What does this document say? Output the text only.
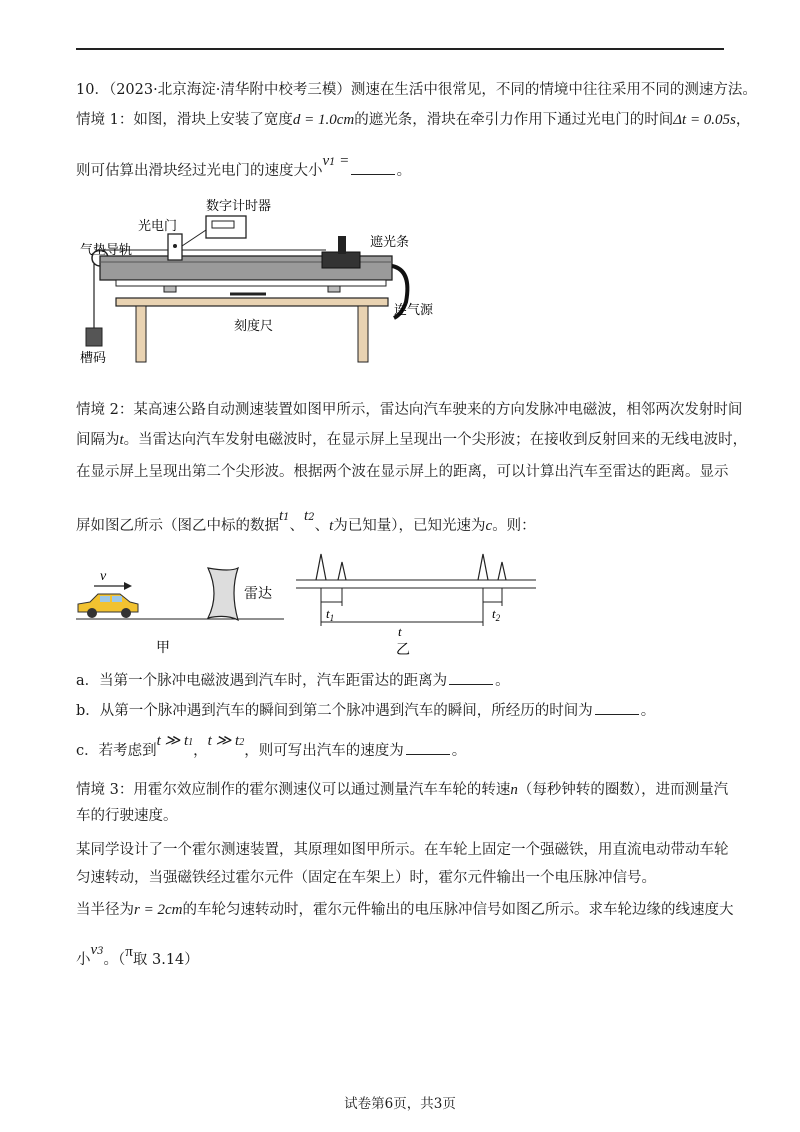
10．（2023·北京海淀·清华附中校考三模）测速在生活中很常见，不同的情境中往往采用不同的测速方法。
情境 1：如图，滑块上安装了宽度d = 1.0cm的遮光条，滑块在牵引力作用下通过光电门的时间Δt = 0.05s，
则可估算出滑块经过光电门的速度大小v1 =。
数字计时器
光电门
气垫导轨
遮光条
连气源
刻度尺
槽码
情境 2：某高速公路自动测速装置如图甲所示，雷达向汽车驶来的方向发脉冲电磁波，相邻两次发射时间
间隔为t。当雷达向汽车发射电磁波时，在显示屏上呈现出一个尖形波；在接收到反射回来的无线电波时，
在显示屏上呈现出第二个尖形波。根据两个波在显示屏上的距离，可以计算出汽车至雷达的距离。显示
屏如图乙所示（图乙中标的数据t1、t2、t为已知量），已知光速为c。则：
v
雷达
甲
$t_1$
t
$t_2$
乙
a．当第一个脉冲电磁波遇到汽车时，汽车距雷达的距离为	。
b．从第一个脉冲遇到汽车的瞬间到第二个脉冲遇到汽车的瞬间，所经历的时间为	。
c．若考虑到t ≫ t1，t ≫ t2，则可写出汽车的速度为	。
情境 3：用霍尔效应制作的霍尔测速仪可以通过测量汽车车轮的转速n（每秒钟转的圈数），进而测量汽
车的行驶速度。
某同学设计了一个霍尔测速装置，其原理如图甲所示。在车轮上固定一个强磁铁，用直流电动带动车轮
匀速转动，当强磁铁经过霍尔元件（固定在车架上）时，霍尔元件输出一个电压脉冲信号。
当半径为r = 2cm的车轮匀速转动时，霍尔元件输出的电压脉冲信号如图乙所示。求车轮边缘的线速度大
小v3。（π取 3.14）
试卷第6页，共3页
